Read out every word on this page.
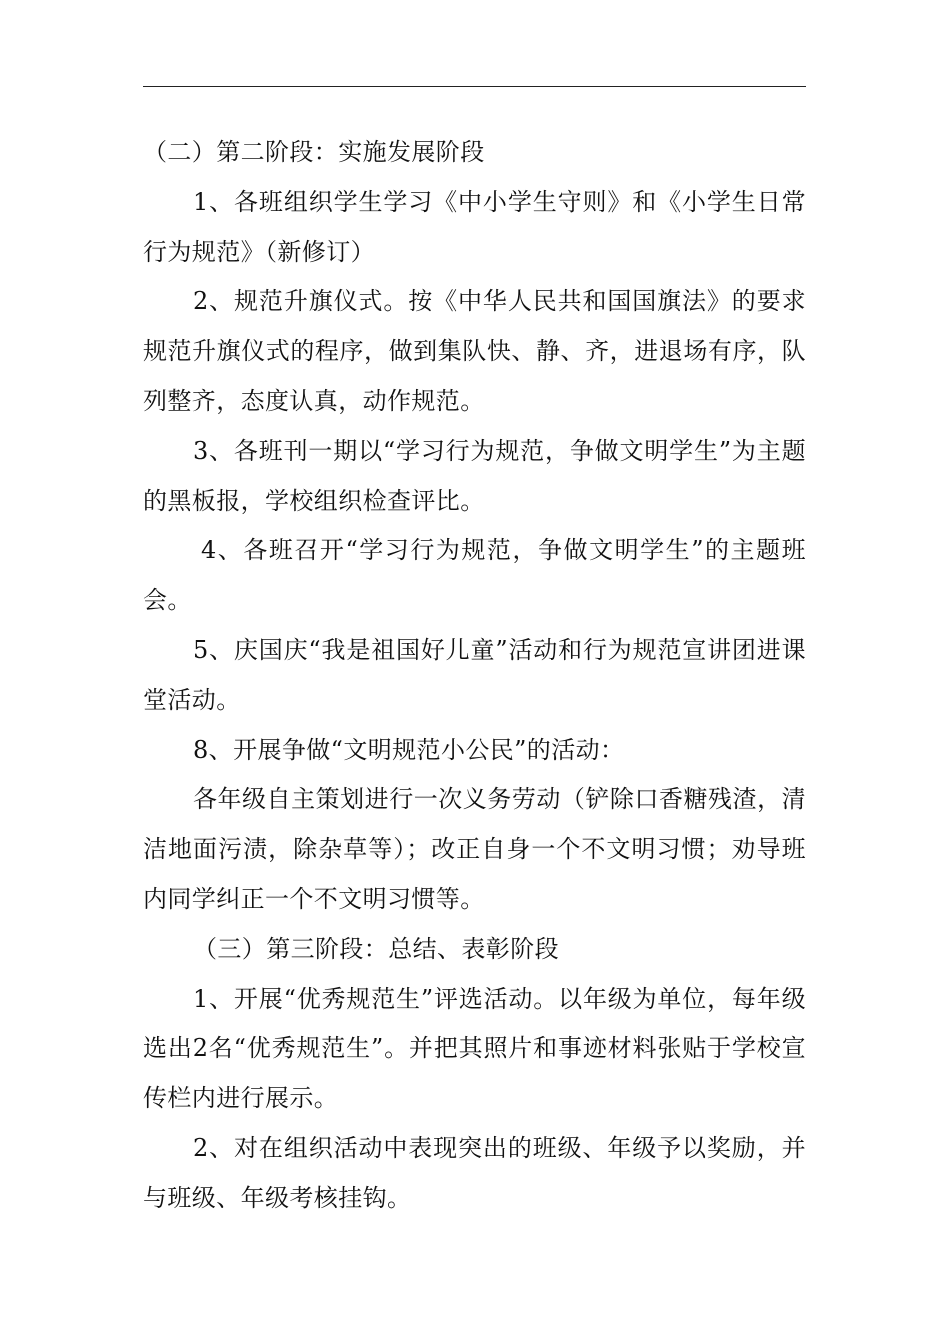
（二）第二阶段：实施发展阶段

1、各班组织学生学习《中小学生守则》和《小学生日常行为规范》（新修订）

2、规范升旗仪式。按《中华人民共和国国旗法》的要求规范升旗仪式的程序，做到集队快、静、齐，进退场有序，队列整齐，态度认真，动作规范。

3、各班刊一期以“学习行为规范，争做文明学生”为主题的黑板报，学校组织检查评比。

4、各班召开“学习行为规范，争做文明学生”的主题班会。

5、庆国庆“我是祖国好儿童”活动和行为规范宣讲团进课堂活动。

8、开展争做“文明规范小公民”的活动：

各年级自主策划进行一次义务劳动（铲除口香糖残渣，清洁地面污渍，除杂草等）；改正自身一个不文明习惯；劝导班内同学纠正一个不文明习惯等。

（三）第三阶段：总结、表彰阶段

1、开展“优秀规范生”评选活动。以年级为单位，每年级选出2名“优秀规范生”。并把其照片和事迹材料张贴于学校宣传栏内进行展示。

2、对在组织活动中表现突出的班级、年级予以奖励，并与班级、年级考核挂钩。
